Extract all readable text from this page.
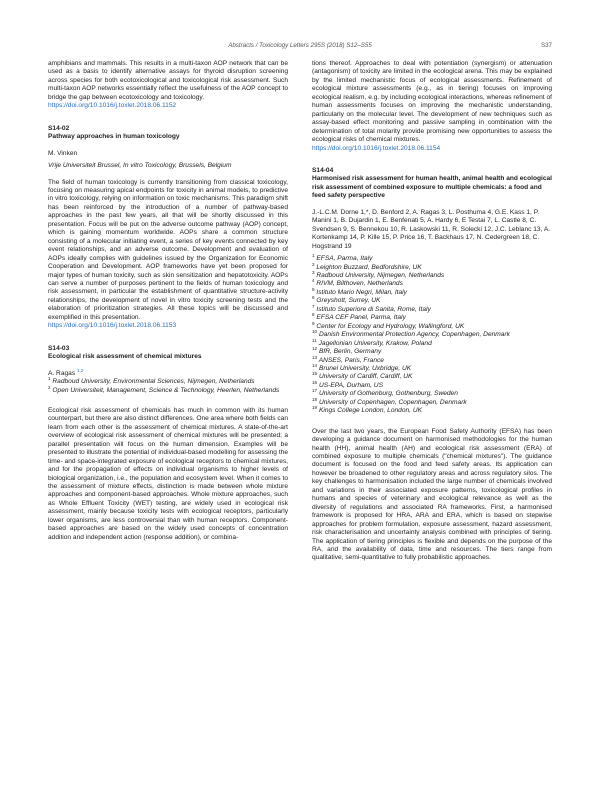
Abstracts / Toxicology Letters 295S (2018) S12–S55	S37

amphibians and mammals. This results in a multi-taxon AOP network that can be used as a basis to identify alternative assays for thyroid disruption screening across species for both ecotoxicological and toxicological risk assessment. Such multi-taxon AOP networks essentially reflect the usefulness of the AOP concept to bridge the gap between ecotoxicology and toxicology.

https://doi.org/10.1016/j.toxlet.2018.06.1152
S14-02
Pathway approaches in human toxicology
M. Vinken
Vrije Universiteit Brussel, In vitro Toxicology, Brussels, Belgium

The field of human toxicology is currently transitioning from classical toxicology, focusing on measuring apical endpoints for toxicity in animal models, to predictive in vitro toxicology, relying on information on toxic mechanisms. This paradigm shift has been reinforced by the introduction of a number of pathway-based approaches in the past few years, all that will be shortly discussed in this presentation. Focus will be put on the adverse outcome pathway (AOP) concept, which is gaining momentum worldwide. AOPs share a common structure consisting of a molecular initiating event, a series of key events connected by key event relationships, and an adverse outcome. Development and evaluation of AOPs ideally complies with guidelines issued by the Organization for Economic Cooperation and Development. AOP frameworks have yet been proposed for major types of human toxicity, such as skin sensitization and hepatotoxicity. AOPs can serve a number of purposes pertinent to the fields of human toxicology and risk assessment, in particular the establishment of quantitative structure-activity relationships, the development of novel in vitro toxicity screening tests and the elaboration of prioritization strategies. All these topics will be discussed and exemplified in this presentation.

https://doi.org/10.1016/j.toxlet.2018.06.1153
S14-03
Ecological risk assessment of chemical mixtures
A. Ragas $^{1,2}$
$^1$ Radboud University, Environmental Sciences, Nijmegen, Netherlands
$^2$ Open Universiteit, Management, Science & Technology, Heerlen, Netherlands

Ecological risk assessment of chemicals has much in common with its human counterpart, but there are also distinct differences. One area where both fields can learn from each other is the assessment of chemical mixtures. A state-of-the-art overview of ecological risk assessment of chemical mixtures will be presented; a parallel presentation will focus on the human dimension. Examples will be presented to illustrate the potential of individual-based modelling for assessing the time- and space-integrated exposure of ecological receptors to chemical mixtures, and for the propagation of effects on individual organisms to higher levels of biological organization, i.e., the population and ecosystem level. When it comes to the assessment of mixture effects, distinction is made between whole mixture approaches and component-based approaches. Whole mixture approaches, such as Whole Effluent Toxicity (WET) testing, are widely used in ecological risk assessment, mainly because toxicity tests with ecological receptors, particularly lower organisms, are less controversial than with human receptors. Component-based approaches are based on the widely used concepts of concentration addition and independent action (response addition), or combina-

tions thereof. Approaches to deal with potentiation (synergism) or attenuation (antagonism) of toxicity are limited in the ecological arena. This may be explained by the limited mechanistic focus of ecological assessments. Refinement of ecological mixture assessments (e.g., as in tiering) focuses on improving ecological realism, e.g. by including ecological interactions, whereas refinement of human assessments focuses on improving the mechanistic understanding, particularly on the molecular level. The development of new techniques such as assay-based effect monitoring and passive sampling in combination with the determination of total molarity provide promising new opportunities to assess the ecological risks of chemical mixtures.

https://doi.org/10.1016/j.toxlet.2018.06.1154
S14-04
Harmonised risk assessment for human health, animal health and ecological risk assessment of combined exposure to multiple chemicals: a food and feed safety perspective

J.-L.C.M. Dorne 1,*, D. Benford 2, A. Ragas 3, L. Posthuma 4, G.E. Kass 1, P. Manini 1, B. Dujardin 1, E. Benfenati 5, A. Hardy 6, E Testai 7, L. Castle 8, C. Svendsen 9, S. Bennekou 10, R. Laskowski 11, R. Solecki 12, J.C. Leblanc 13, A. Kortenkamp 14, P. Kille 15, P. Price 16, T. Backhaus 17, N. Cedergreen 18, C. Hogstrand 19

$^1$ EFSA, Parma, Italy
$^2$ Leighton Buzzard, Bedfordshire, UK
$^3$ Radboud University, Nijmegen, Netherlands
$^4$ RIVM, Bilthoven, Netherlands
$^5$ Istituto Mario Negri, Milan, Italy
$^6$ Greyshott, Surrey, UK
$^7$ Istituto Superiore di Sanita, Rome, Italy
$^8$ EFSA CEF Panel, Parma, Italy
$^9$ Center for Ecology and Hydrology, Wallingford, UK
$^{10}$ Danish Environmental Protection Agency, Copenhagen, Denmark
$^{11}$ Jagellonian University, Krakow, Poland
$^{12}$ BfR, Berlin, Germany
$^{13}$ ANSES, Paris, France
$^{14}$ Brunel University, Uxbridge, UK
$^{15}$ University of Cardiff, Cardiff, UK
$^{16}$ US-EPA, Durham, US
$^{17}$ University of Gothenburg, Gothenburg, Sweden
$^{18}$ University of Copenhagen, Copenhagen, Denmark
$^{19}$ Kings College London, London, UK

Over the last two years, the European Food Safety Authority (EFSA) has been developing a guidance document on harmonised methodologies for the human health (HH), animal health (AH) and ecological risk assessment (ERA) of combined exposure to multiple chemicals ("chemical mixtures"). The guidance document is focused on the food and feed safety areas. Its application can however be broadened to other regulatory areas and across regulatory silos. The key challenges to harmonisation included the large number of chemicals involved and variations in their associated exposure patterns, toxicological profiles in humans and species of veterinary and ecological relevance as well as the diversity of regulations and associated RA frameworks. First, a harmonised framework is proposed for HRA, ARA and ERA, which is based on stepwise approaches for problem formulation, exposure assessment, hazard assessment, risk characterisation and uncertainty analysis combined with principles of tiering. The application of tiering principles is flexible and depends on the purpose of the RA, and the availability of data, time and resources. The tiers range from qualitative, semi-quantitative to fully probabilistic approaches.
